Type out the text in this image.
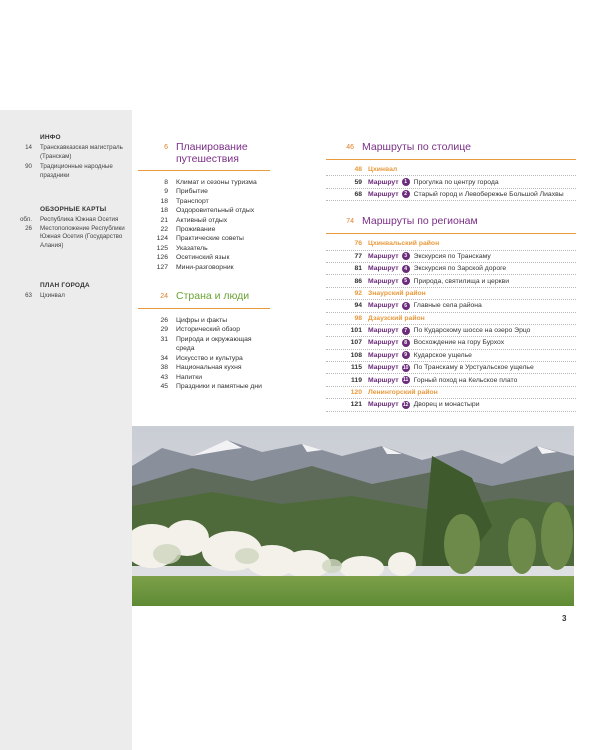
ИНФО
14	Транскавказская магистраль (Транскам)
90	Традиционные народные праздники
ОБЗОРНЫЕ КАРТЫ
обл.	Республика Южная Осетия
26	Местоположение Республики Южная Осетия (Государство Алания)
ПЛАН ГОРОДА
63	Цхинвал
6 Планирование путешествия
8	Климат и сезоны туризма
9	Прибытие
18	Транспорт
18	Оздоровительный отдых
21	Активный отдых
22	Проживание
124	Практические советы
125	Указатель
126	Осетинский язык
127	Мини-разговорник
24 Страна и люди
26	Цифры и факты
29	Исторический обзор
31	Природа и окружающая среда
34	Искусство и культура
38	Национальная кухня
43	Напитки
45	Праздники и памятные дни
46 Маршруты по столице
48 Цхинвал
59 Маршрут	1 Прогулка по центру города
68 Маршрут	2 Старый город и Левобережье Большой Лиахвы
74 Маршруты по регионам
76 Цхинвальский район
77 Маршрут	3 Экскурсия по Транскаму
81 Маршрут	4 Экскурсия по Зарской дороге
86 Маршрут	5 Природа, святилища и церкви
92 Знаурский район
94 Маршрут	6 Главные села района
98 Дзаузский район
101 Маршрут	7 По Кударскому шоссе на озеро Эрцо
107 Маршрут	8 Восхождение на гору Бурхох
108 Маршрут	9 Кударское ущелье
115 Маршрут 10 По Транскаму в Урстуальское ущелье
119 Маршрут 11 Горный поход на Кельское плато
120 Ленингорский район
121 Маршрут 12 Дворец и монастыри
3
